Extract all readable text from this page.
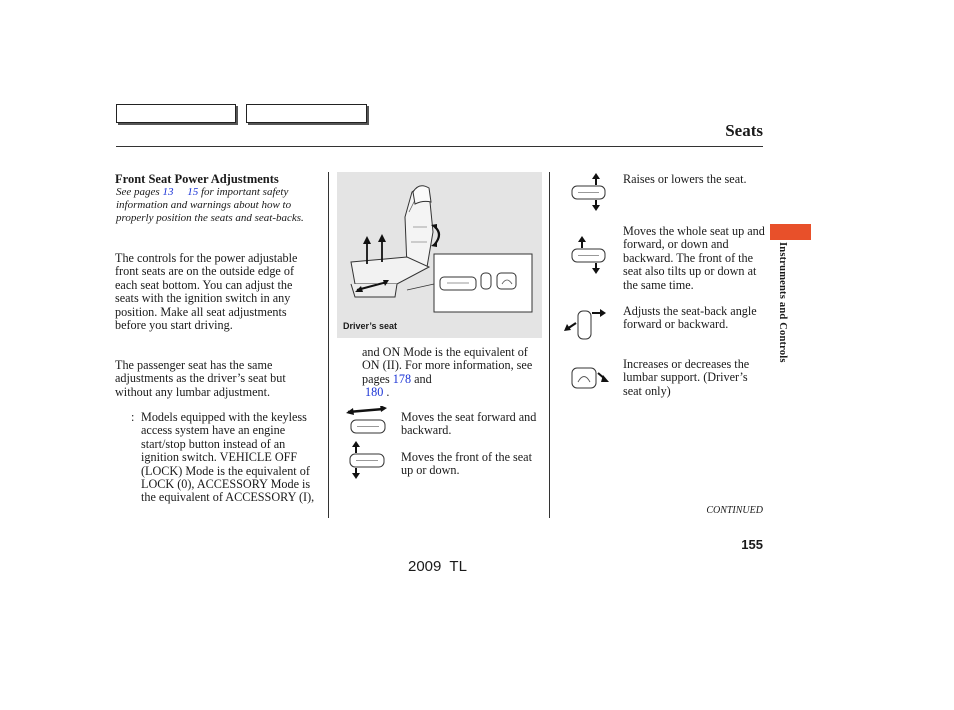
Seats
Front Seat Power Adjustments

See pages 13 15 for important safety information and warnings about how to properly position the seats and seat-backs.

The controls for the power adjustable front seats are on the outside edge of each seat bottom. You can adjust the seats with the ignition switch in any position. Make all seat adjustments before you start driving.

The passenger seat has the same adjustments as the driver’s seat but without any lumbar adjustment.

: Models equipped with the keyless access system have an engine start/stop button instead of an ignition switch. VEHICLE OFF (LOCK) Mode is the equivalent of LOCK (0), ACCESSORY Mode is the equivalent of ACCESSORY (I),

Driver’s seat

and ON Mode is the equivalent of ON (II). For more information, see pages 178 and
180 .

Moves the seat forward and backward.

Moves the front of the seat up or down.

Raises or lowers the seat.

Moves the whole seat up and forward, or down and backward. The front of the seat also tilts up or down at the same time.

Adjusts the seat-back angle forward or backward.

Increases or decreases the lumbar support. (Driver’s seat only)

CONTINUED
Instruments and Controls
155
2009  TL
